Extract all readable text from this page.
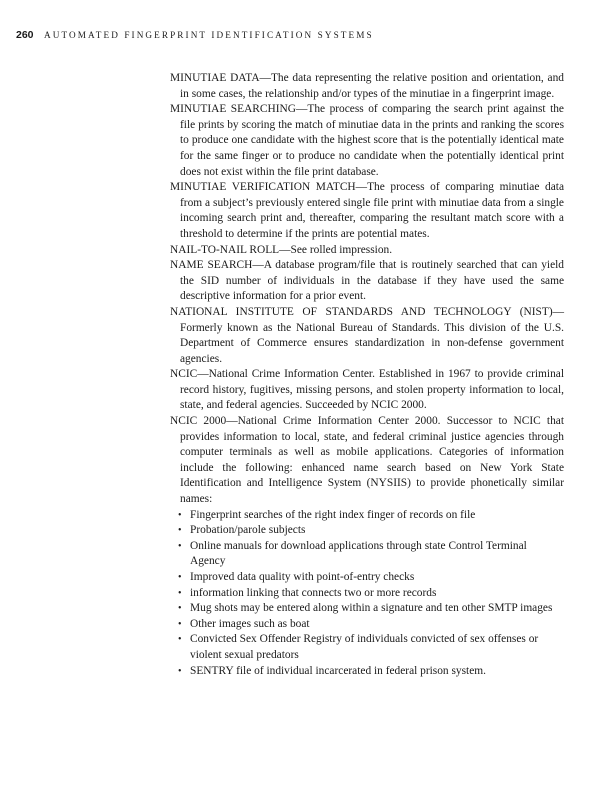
260 AUTOMATED FINGERPRINT IDENTIFICATION SYSTEMS

MINUTIAE DATA—The data representing the relative position and orientation, and in some cases, the relationship and/or types of the minutiae in a fingerprint image.

MINUTIAE SEARCHING—The process of comparing the search print against the file prints by scoring the match of minutiae data in the prints and ranking the scores to produce one candidate with the highest score that is the potentially identical mate for the same finger or to produce no candidate when the potentially identical print does not exist within the file print database.

MINUTIAE VERIFICATION MATCH—The process of comparing minutiae data from a subject’s previously entered single file print with minutiae data from a single incoming search print and, thereafter, comparing the resultant match score with a threshold to determine if the prints are potential mates.

NAIL-TO-NAIL ROLL—See rolled impression.

NAME SEARCH—A database program/file that is routinely searched that can yield the SID number of individuals in the database if they have used the same descriptive information for a prior event.

NATIONAL INSTITUTE OF STANDARDS AND TECHNOLOGY (NIST)—Formerly known as the National Bureau of Standards. This division of the U.S. Department of Commerce ensures standardization in non-defense government agencies.

NCIC—National Crime Information Center. Established in 1967 to provide criminal record history, fugitives, missing persons, and stolen property information to local, state, and federal agencies. Succeeded by NCIC 2000.

NCIC 2000—National Crime Information Center 2000. Successor to NCIC that provides information to local, state, and federal criminal justice agencies through computer terminals as well as mobile applications. Categories of information include the following: enhanced name search based on New York State Identification and Intelligence System (NYSIIS) to provide phonetically similar names:

• Fingerprint searches of the right index finger of records on file
• Probation/parole subjects
• Online manuals for download applications through state Control Terminal Agency
• Improved data quality with point-of-entry checks
• information linking that connects two or more records
• Mug shots may be entered along within a signature and ten other SMTP images
• Other images such as boat
• Convicted Sex Offender Registry of individuals convicted of sex offenses or violent sexual predators
• SENTRY file of individual incarcerated in federal prison system.
